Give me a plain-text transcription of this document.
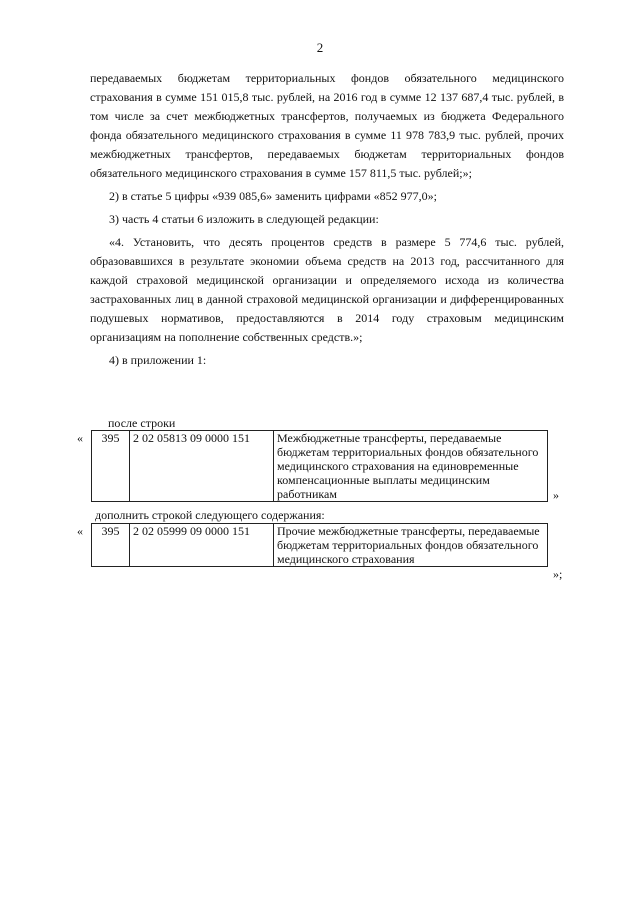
2

передаваемых бюджетам территориальных фондов обязательного медицинского страхования в сумме 151 015,8 тыс. рублей, на 2016 год в сумме 12 137 687,4 тыс. рублей, в том числе за счет межбюджетных трансфертов, получаемых из бюджета Федерального фонда обязательного медицинского страхования в сумме 11 978 783,9 тыс. рублей, прочих межбюджетных трансфертов, передаваемых бюджетам территориальных фондов обязательного медицинского страхования в сумме 157 811,5 тыс. рублей;»;

2) в статье 5 цифры «939 085,6» заменить цифрами «852 977,0»;

3) часть 4 статьи 6 изложить в следующей редакции:

«4. Установить, что десять процентов средств в размере 5 774,6 тыс. рублей, образовавшихся в результате экономии объема средств на 2013 год, рассчитанного для каждой страховой медицинской организации и определяемого исхода из количества застрахованных лиц в данной страховой медицинской организации и дифференцированных подушевых нормативов, предоставляются в 2014 году страховым медицинским организациям на пополнение собственных средств.»;

4) в приложении 1:

после строки
« 395	2 02 05813 09 0000 151	Межбюджетные трансферты, передаваемые бюджетам территориальных фондов обязательного медицинского страхования на единовременные компенсационные выплаты медицинским работникам	»
дополнить строкой следующего содержания:
« 395	2 02 05999 09 0000 151	Прочие межбюджетные трансферты, передаваемые бюджетам территориальных фондов обязательного медицинского страхования
»;
